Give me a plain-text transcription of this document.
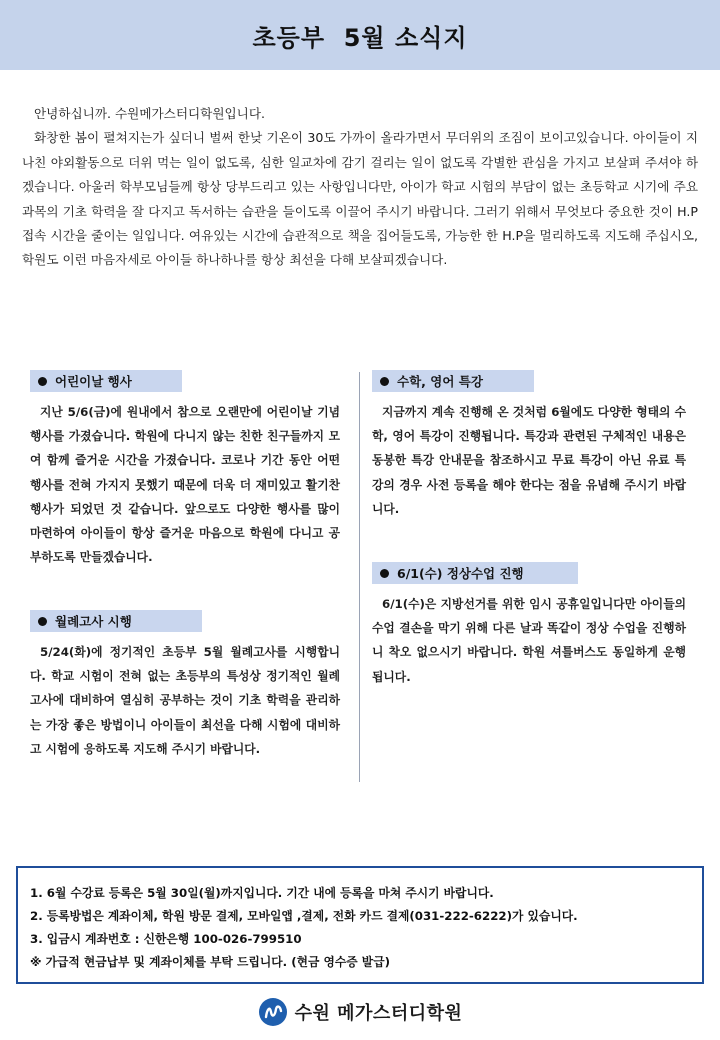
초등부  5월 소식지

안녕하십니까. 수원메가스터디학원입니다.

화창한 봄이 펼쳐지는가 싶더니 벌써 한낮 기온이 30도 가까이 올라가면서 무더위의 조짐이 보이고있습니다. 아이들이 지나친 야외활동으로 더위 먹는 일이 없도록, 심한 일교차에 감기 걸리는 일이 없도록 각별한 관심을 가지고 보살펴 주셔야 하겠습니다. 아울러 학부모님들께 항상 당부드리고 있는 사항입니다만, 아이가 학교 시험의 부담이 없는 초등학교 시기에 주요 과목의 기초 학력을 잘 다지고 독서하는 습관을 들이도록 이끌어 주시기 바랍니다. 그러기 위해서 무엇보다 중요한 것이 H.P 접속 시간을 줄이는 일입니다. 여유있는 시간에 습관적으로 책을 집어들도록, 가능한 한 H.P을 멀리하도록 지도해 주십시오, 학원도 이런 마음자세로 아이들 하나하나를 항상 최선을 다해 보살피겠습니다.

어린이날 행사

지난 5/6(금)에 원내에서 참으로 오랜만에 어린이날 기념 행사를 가졌습니다. 학원에 다니지 않는 친한 친구들까지 모여 함께 즐거운 시간을 가졌습니다. 코로나 기간 동안 어떤 행사를 전혀 가지지 못했기 때문에 더욱 더 재미있고 활기찬 행사가 되었던 것 같습니다. 앞으로도 다양한 행사를 많이 마련하여 아이들이 항상 즐거운 마음으로 학원에 다니고 공부하도록 만들겠습니다.

월례고사 시행

5/24(화)에 정기적인 초등부 5월 월례고사를 시행합니다. 학교 시험이 전혀 없는 초등부의 특성상 정기적인 월례고사에 대비하여 열심히 공부하는 것이 기초 학력을 관리하는 가장 좋은 방법이니 아이들이 최선을 다해 시험에 대비하고 시험에 응하도록 지도해 주시기 바랍니다.

수학, 영어 특강

지금까지 계속 진행해 온 것처럼 6월에도 다양한 형태의 수학, 영어 특강이 진행됩니다. 특강과 관련된 구체적인 내용은 동봉한 특강 안내문을 참조하시고 무료 특강이 아닌 유료 특강의 경우 사전 등록을 해야 한다는 점을 유념해 주시기 바랍니다.

6/1(수) 정상수업 진행

6/1(수)은 지방선거를 위한 임시 공휴일입니다만 아이들의 수업 결손을 막기 위해 다른 날과 똑같이 정상 수업을 진행하니 착오 없으시기 바랍니다. 학원 셔틀버스도 동일하게 운행됩니다.

1. 6월 수강료 등록은 5월 30일(월)까지입니다. 기간 내에 등록을 마쳐 주시기 바랍니다.
2. 등록방법은 계좌이체, 학원 방문 결제, 모바일앱 ,결제, 전화 카드 결제(031-222-6222)가 있습니다.
3. 입금시 계좌번호 : 신한은행 100-026-799510
※ 가급적 현금납부 및 계좌이체를 부탁 드립니다. (현금 영수증 발급)
수원 메가스터디학원
